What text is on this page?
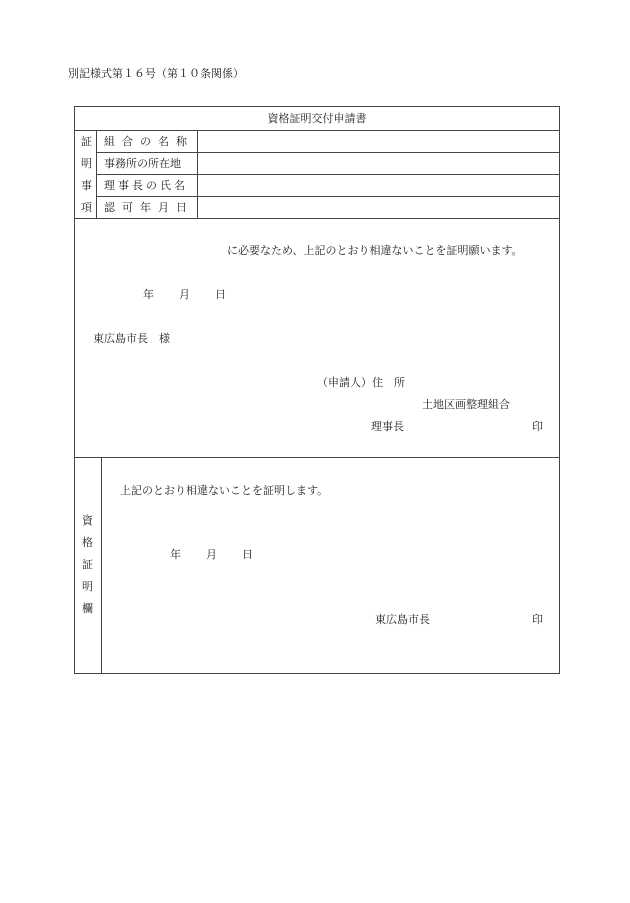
別記様式第１６号（第１０条関係）
資格証明交付申請書
証
明
事
項
組合の名称
事務所の所在地
理事長の氏名
認可年月日
に必要なため、上記のとおり相違ないことを証明願います。
年 月 日
東広島市長　様
（申請人）住　所
土地区画整理組合
理事長	印
資
格
証
明
欄
上記のとおり相違ないことを証明します。
年 月 日
東広島市長	印
